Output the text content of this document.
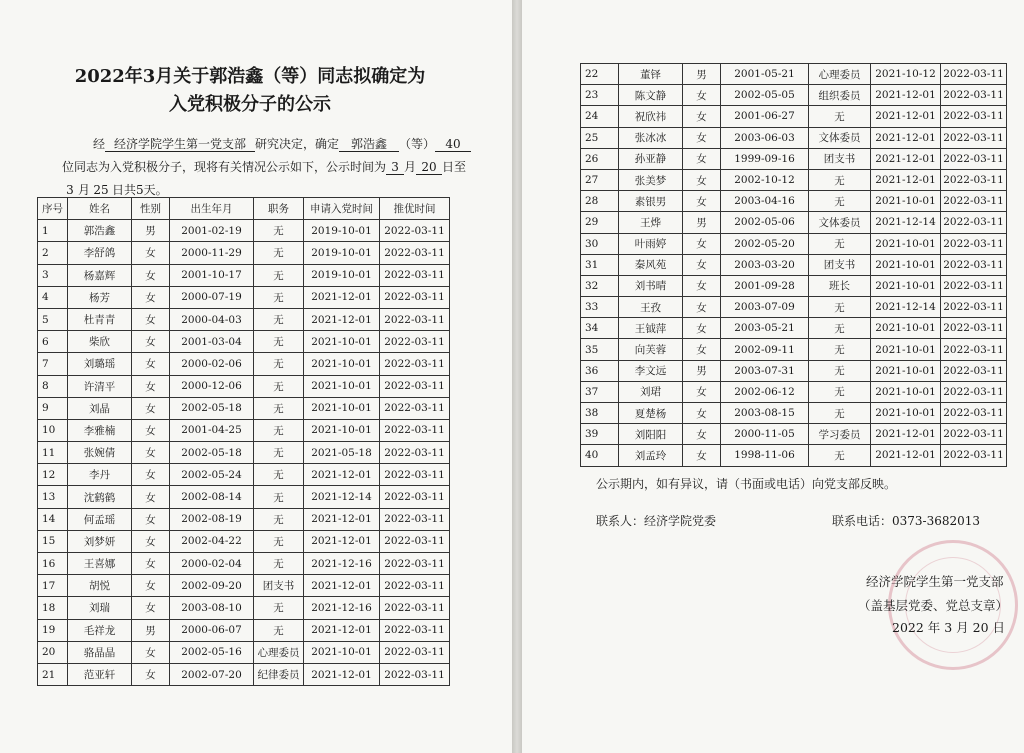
2022年3月关于郭浩鑫（等）同志拟确定为
入党积极分子的公示
经 经济学院学生第一党支部 研究决定，确定 郭浩鑫 （等） 40
位同志为入党积极分子，现将有关情况公示如下，公示时间为 3 月 20 日至
3 月 25 日共5天。
序号	姓名	性别	出生年月	职务	申请入党时间	推优时间
1	郭浩鑫	男	2001-02-19	无	2019-10-01	2022-03-11
2	李舒鸽	女	2000-11-29	无	2019-10-01	2022-03-11
3	杨嘉辉	女	2001-10-17	无	2019-10-01	2022-03-11
4	杨芳	女	2000-07-19	无	2021-12-01	2022-03-11
5	杜青青	女	2000-04-03	无	2021-12-01	2022-03-11
6	柴欣	女	2001-03-04	无	2021-10-01	2022-03-11
7	刘璐瑶	女	2000-02-06	无	2021-10-01	2022-03-11
8	许清平	女	2000-12-06	无	2021-10-01	2022-03-11
9	刘晶	女	2002-05-18	无	2021-10-01	2022-03-11
10	李雅楠	女	2001-04-25	无	2021-10-01	2022-03-11
11	张婉倩	女	2002-05-18	无	2021-05-18	2022-03-11
12	李丹	女	2002-05-24	无	2021-12-01	2022-03-11
13	沈鹤鹤	女	2002-08-14	无	2021-12-14	2022-03-11
14	何孟瑶	女	2002-08-19	无	2021-12-01	2022-03-11
15	刘梦妍	女	2002-04-22	无	2021-12-01	2022-03-11
16	王喜娜	女	2000-02-04	无	2021-12-16	2022-03-11
17	胡悦	女	2002-09-20	团支书	2021-12-01	2022-03-11
18	刘瑞	女	2003-08-10	无	2021-12-16	2022-03-11
19	毛祥龙	男	2000-06-07	无	2021-12-01	2022-03-11
20	骆晶晶	女	2002-05-16	心理委员	2021-10-01	2022-03-11
21	范亚轩	女	2002-07-20	纪律委员	2021-12-01	2022-03-11
22	董铎	男	2001-05-21	心理委员	2021-10-12	2022-03-11
23	陈文静	女	2002-05-05	组织委员	2021-12-01	2022-03-11
24	祝欣祎	女	2001-06-27	无	2021-12-01	2022-03-11
25	张冰冰	女	2003-06-03	文体委员	2021-12-01	2022-03-11
26	孙亚静	女	1999-09-16	团支书	2021-12-01	2022-03-11
27	张美梦	女	2002-10-12	无	2021-12-01	2022-03-11
28	素银男	女	2003-04-16	无	2021-10-01	2022-03-11
29	王烨	男	2002-05-06	文体委员	2021-12-14	2022-03-11
30	叶雨婷	女	2002-05-20	无	2021-10-01	2022-03-11
31	秦风苑	女	2003-03-20	团支书	2021-10-01	2022-03-11
32	刘书晴	女	2001-09-28	班长	2021-10-01	2022-03-11
33	王孜	女	2003-07-09	无	2021-12-14	2022-03-11
34	王钺萍	女	2003-05-21	无	2021-10-01	2022-03-11
35	向芙蓉	女	2002-09-11	无	2021-10-01	2022-03-11
36	李文远	男	2003-07-31	无	2021-10-01	2022-03-11
37	刘珺	女	2002-06-12	无	2021-10-01	2022-03-11
38	夏楚杨	女	2003-08-15	无	2021-10-01	2022-03-11
39	刘阳阳	女	2000-11-05	学习委员	2021-12-01	2022-03-11
40	刘孟玲	女	1998-11-06	无	2021-12-01	2022-03-11
公示期内，如有异议，请（书面或电话）向党支部反映。
联系人：经济学院党委	联系电话：0373-3682013
经济学院学生第一党支部
（盖基层党委、党总支章）
2022 年 3 月 20 日
